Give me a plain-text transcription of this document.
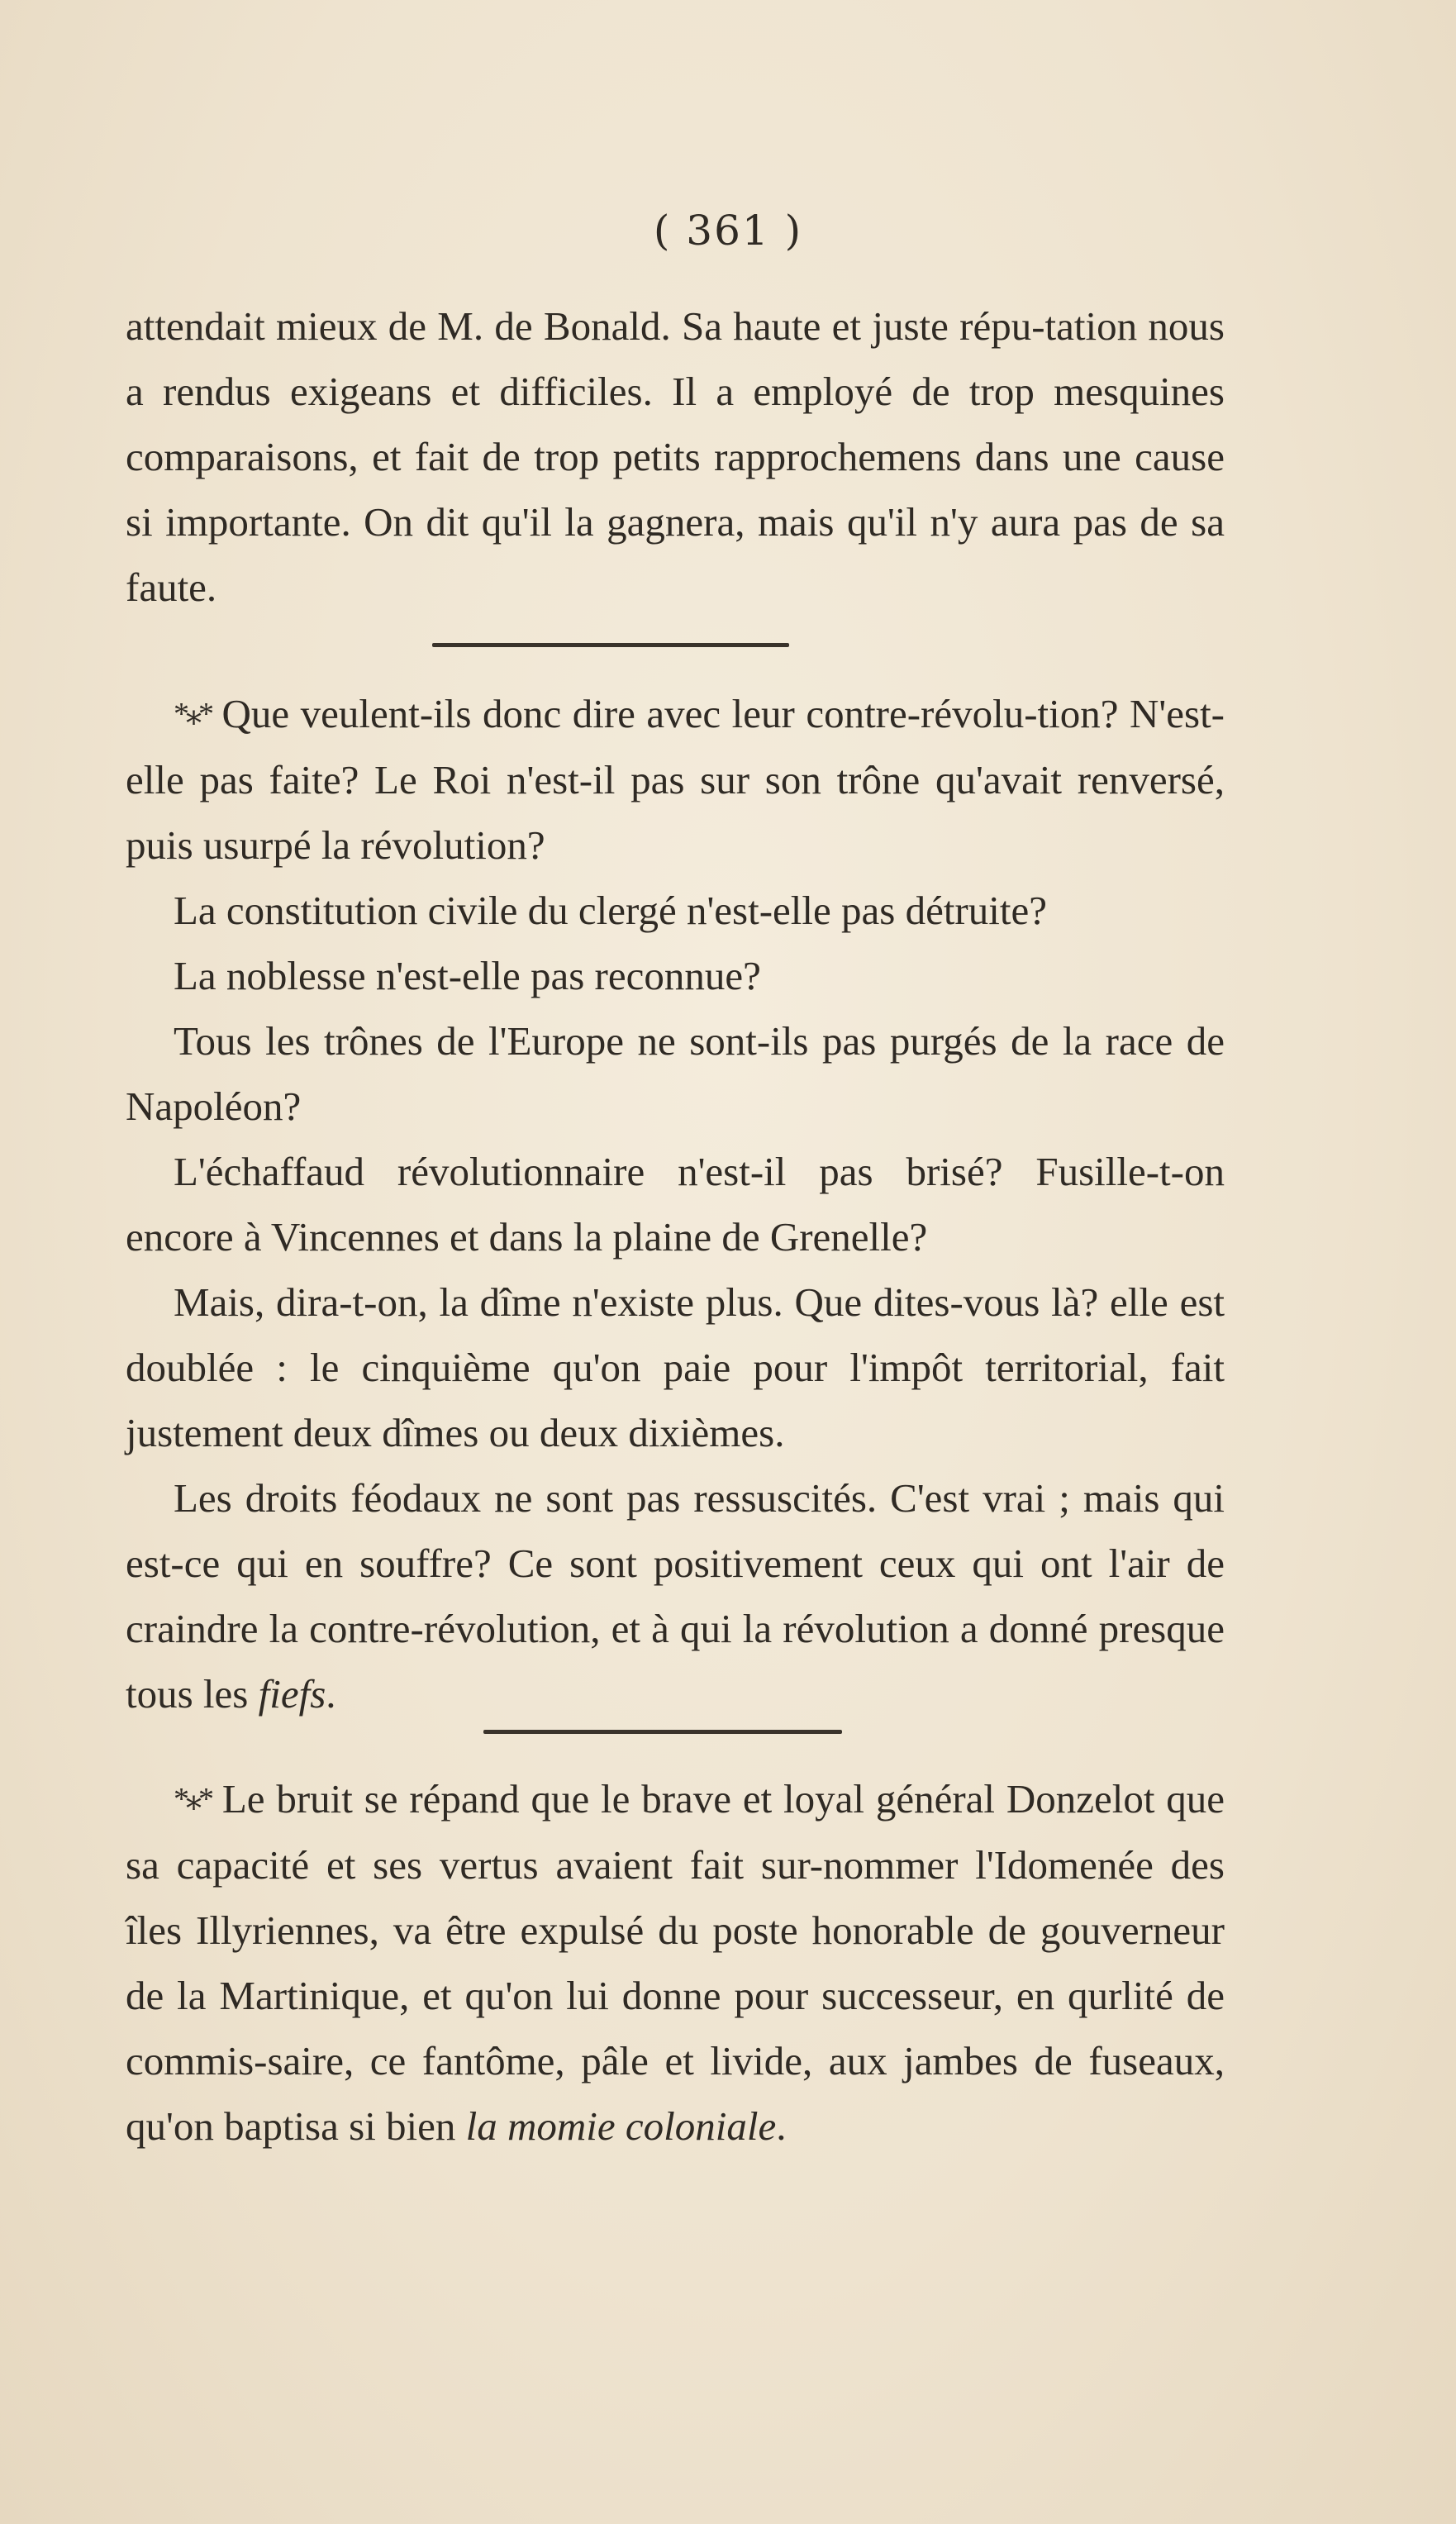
( 361 )

attendait mieux de M. de Bonald. Sa haute et juste répu-tation nous a rendus exigeans et difficiles. Il a employé de trop mesquines comparaisons, et fait de trop petits rapprochemens dans une cause si importante. On dit qu'il la gagnera, mais qu'il n'y aura pas de sa faute.

*⁎* Que veulent-ils donc dire avec leur contre-révolu-tion? N'est-elle pas faite? Le Roi n'est-il pas sur son trône qu'avait renversé, puis usurpé la révolution?

La constitution civile du clergé n'est-elle pas détruite?

La noblesse n'est-elle pas reconnue?

Tous les trônes de l'Europe ne sont-ils pas purgés de la race de Napoléon?

L'échaffaud révolutionnaire n'est-il pas brisé? Fusille-t-on encore à Vincennes et dans la plaine de Grenelle?

Mais, dira-t-on, la dîme n'existe plus. Que dites-vous là? elle est doublée : le cinquième qu'on paie pour l'impôt territorial, fait justement deux dîmes ou deux dixièmes.

Les droits féodaux ne sont pas ressuscités. C'est vrai ; mais qui est-ce qui en souffre? Ce sont positivement ceux qui ont l'air de craindre la contre-révolution, et à qui la révolution a donné presque tous les fiefs.

*⁎* Le bruit se répand que le brave et loyal général Donzelot que sa capacité et ses vertus avaient fait sur-nommer l'Idomenée des îles Illyriennes, va être expulsé du poste honorable de gouverneur de la Martinique, et qu'on lui donne pour successeur, en qurlité de commis-saire, ce fantôme, pâle et livide, aux jambes de fuseaux, qu'on baptisa si bien la momie coloniale.
